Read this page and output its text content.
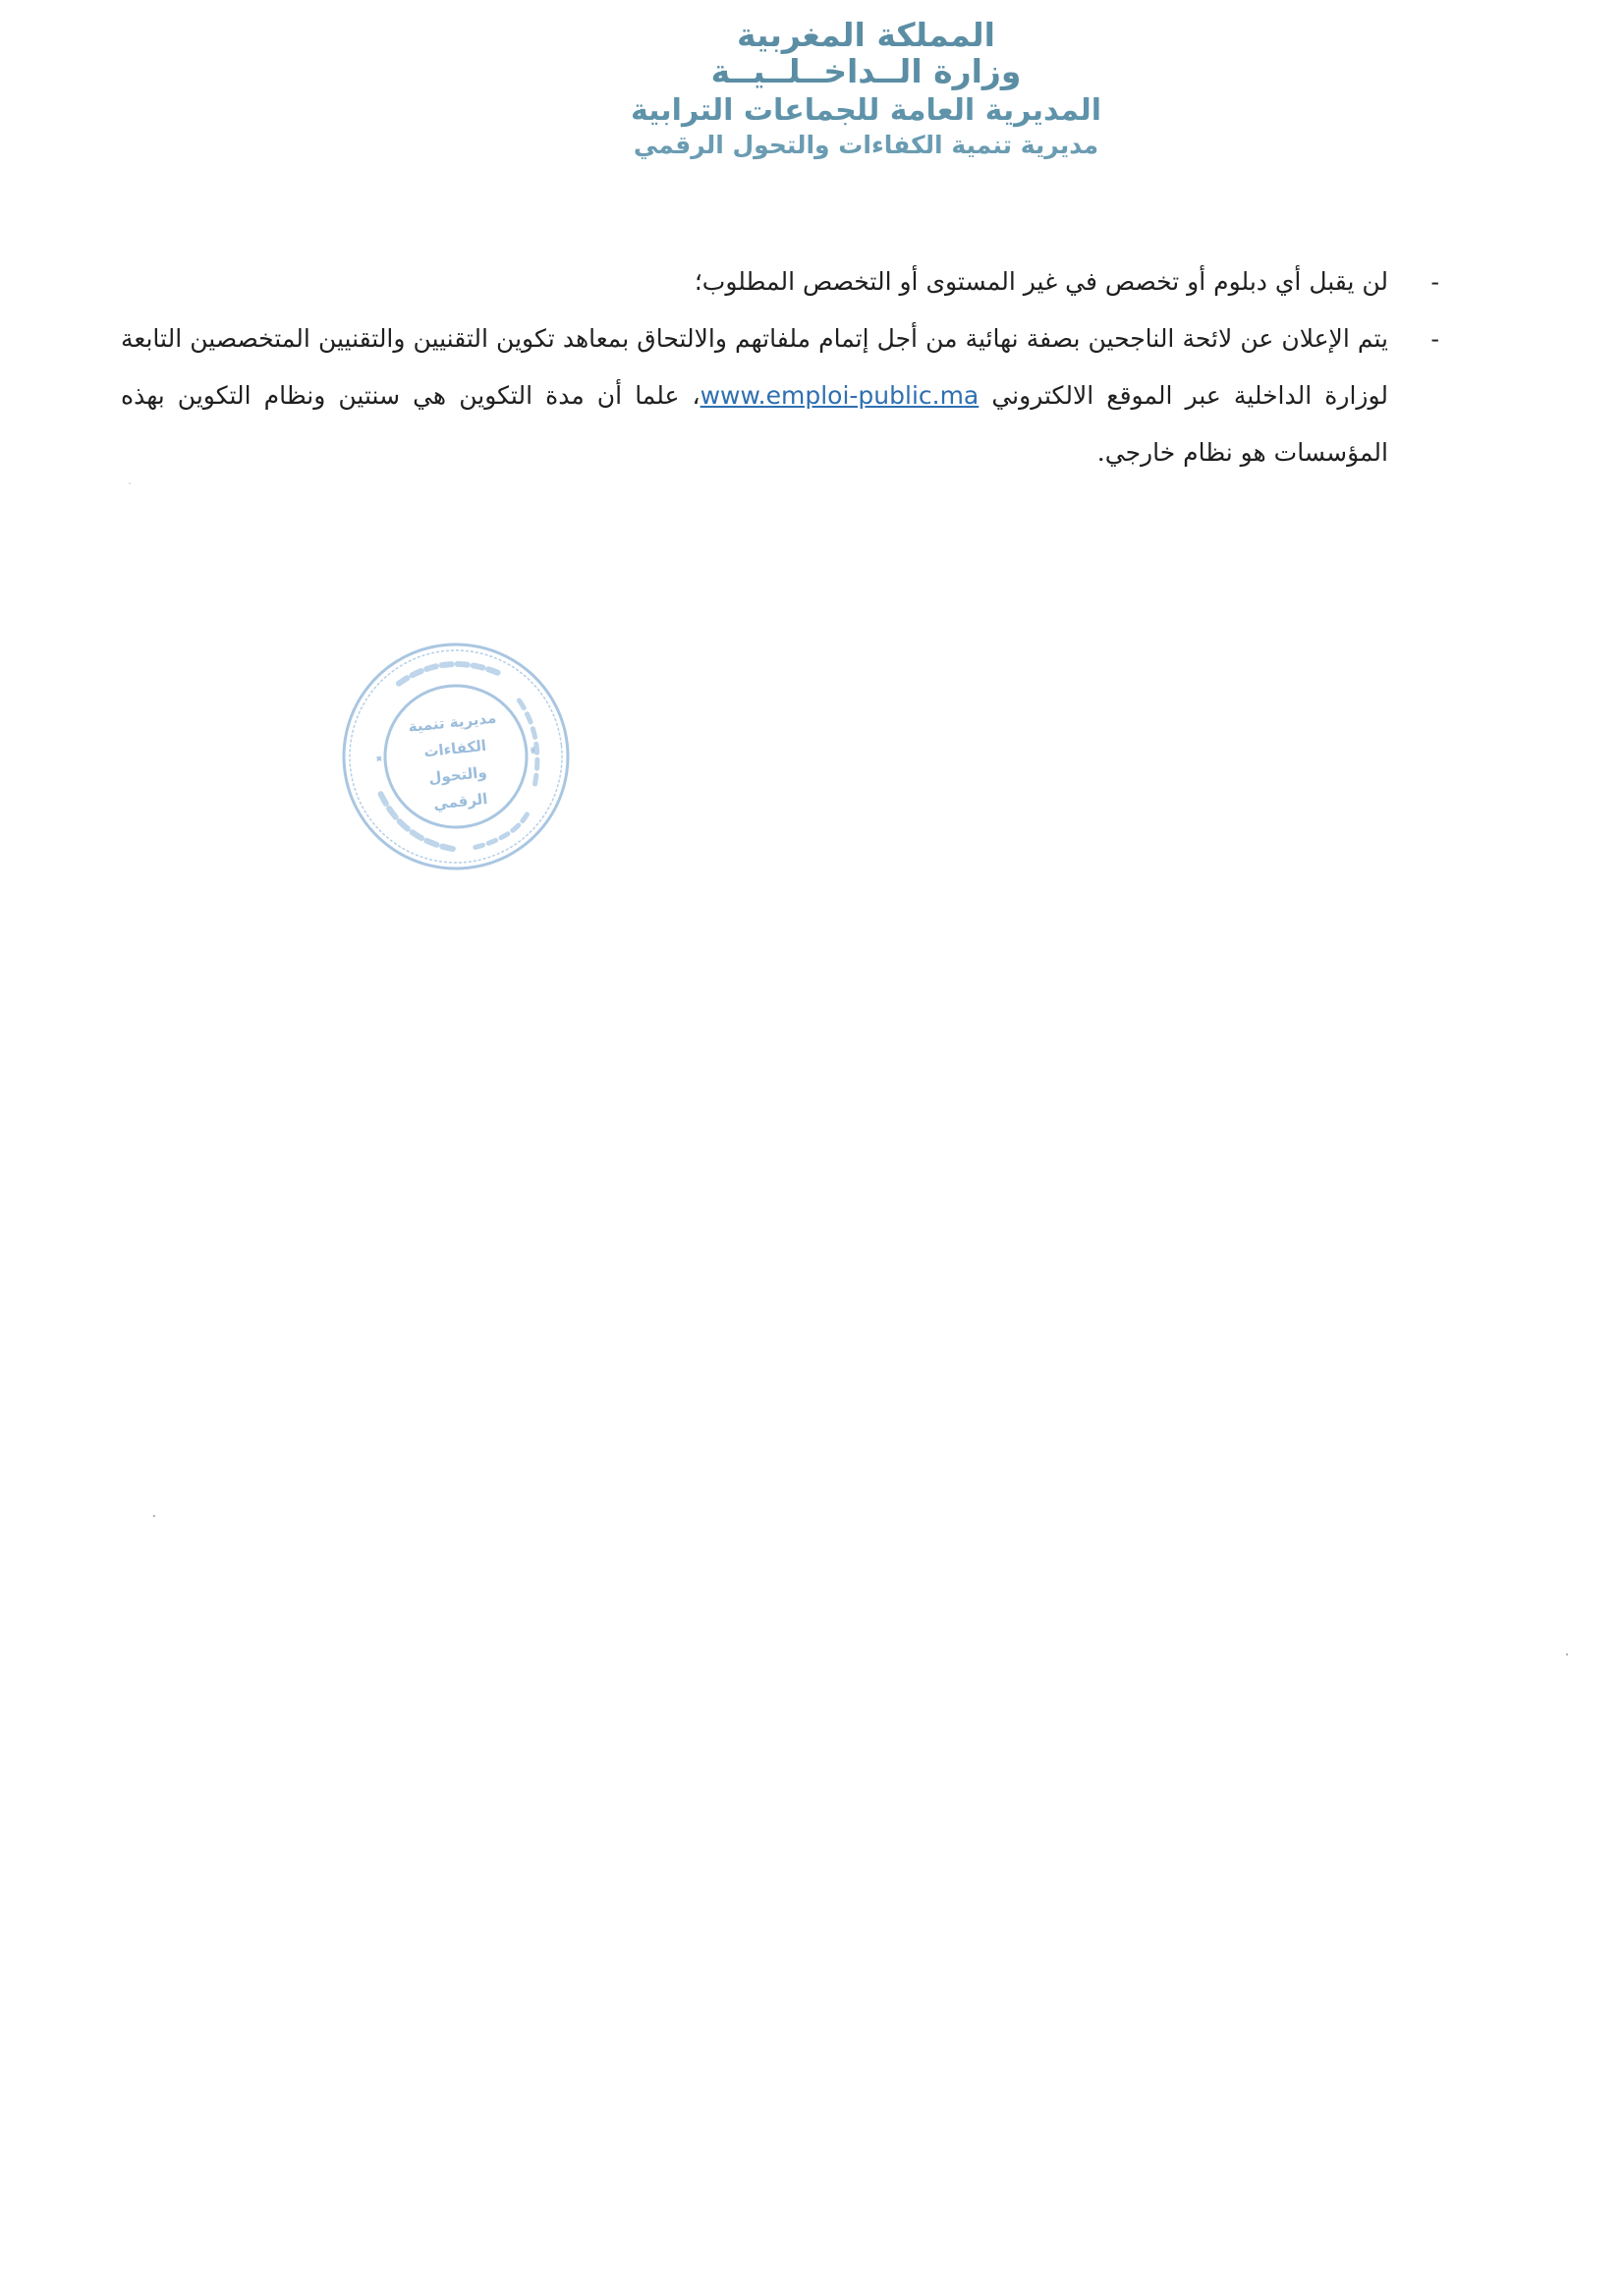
المملكة المغربية
وزارة الــداخــلــيــة
المديرية العامة للجماعات الترابية
مديرية تنمية الكفاءات والتحول الرقمي

-
لن يقبل أي دبلوم أو تخصص في غير المستوى أو التخصص المطلوب؛

-
يتم الإعلان عن لائحة الناجحين بصفة نهائية من أجل إتمام ملفاتهم والالتحاق بمعاهد تكوين التقنيين والتقنيين المتخصصين التابعة لوزارة الداخلية عبر الموقع الالكتروني www.emploi-public.ma، علما أن مدة التكوين هي سنتين ونظام التكوين بهذه المؤسسات هو نظام خارجي.

مديرية تنمية
الكفاءات والتحول
الرقمي
